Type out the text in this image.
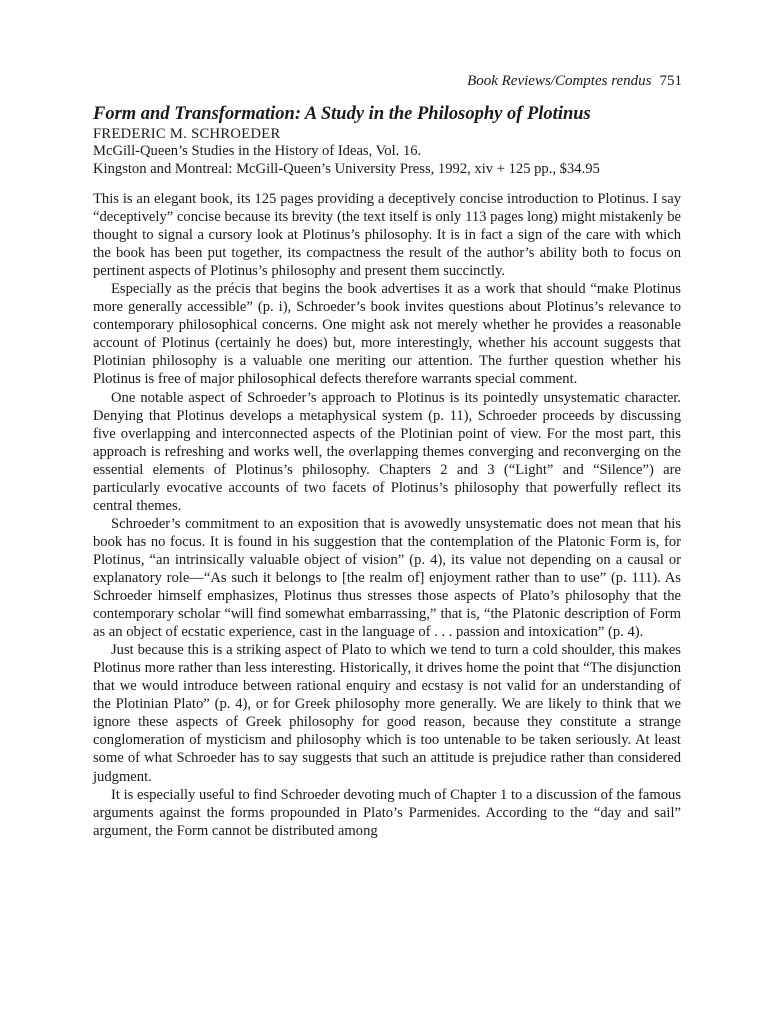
Book Reviews/Comptes rendus 751
Form and Transformation: A Study in the Philosophy of Plotinus
FREDERIC M. SCHROEDER
McGill-Queen’s Studies in the History of Ideas, Vol. 16.
Kingston and Montreal: McGill-Queen’s University Press, 1992, xiv + 125 pp., $34.95

This is an elegant book, its 125 pages providing a deceptively concise introduction to Plotinus. I say “deceptively” concise because its brevity (the text itself is only 113 pages long) might mistakenly be thought to signal a cursory look at Plotinus’s philosophy. It is in fact a sign of the care with which the book has been put together, its compactness the result of the author’s ability both to focus on pertinent aspects of Plotinus’s philosophy and present them succinctly.

Especially as the précis that begins the book advertises it as a work that should “make Plotinus more generally accessible” (p. i), Schroeder’s book invites questions about Plotinus’s relevance to contemporary philosophical concerns. One might ask not merely whether he provides a reasonable account of Plotinus (certainly he does) but, more interestingly, whether his account suggests that Plotinian philosophy is a valuable one meriting our attention. The further question whether his Plotinus is free of major philosophical defects therefore warrants special comment.

One notable aspect of Schroeder’s approach to Plotinus is its pointedly unsystematic character. Denying that Plotinus develops a metaphysical system (p. 11), Schroeder proceeds by discussing five overlapping and interconnected aspects of the Plotinian point of view. For the most part, this approach is refreshing and works well, the overlapping themes converging and reconverging on the essential elements of Plotinus’s philosophy. Chapters 2 and 3 (“Light” and “Silence”) are particularly evocative accounts of two facets of Plotinus’s philosophy that powerfully reflect its central themes.

Schroeder’s commitment to an exposition that is avowedly unsystematic does not mean that his book has no focus. It is found in his suggestion that the contemplation of the Platonic Form is, for Plotinus, “an intrinsically valuable object of vision” (p. 4), its value not depending on a causal or explanatory role—“As such it belongs to [the realm of] enjoyment rather than to use” (p. 111). As Schroeder himself emphasizes, Plotinus thus stresses those aspects of Plato’s philosophy that the contemporary scholar “will find somewhat embarrassing,” that is, “the Platonic description of Form as an object of ecstatic experience, cast in the language of . . . passion and intoxication” (p. 4).

Just because this is a striking aspect of Plato to which we tend to turn a cold shoulder, this makes Plotinus more rather than less interesting. Historically, it drives home the point that “The disjunction that we would introduce between rational enquiry and ecstasy is not valid for an understanding of the Plotinian Plato” (p. 4), or for Greek philosophy more generally. We are likely to think that we ignore these aspects of Greek philosophy for good reason, because they constitute a strange conglomeration of mysticism and philosophy which is too untenable to be taken seriously. At least some of what Schroeder has to say suggests that such an attitude is prejudice rather than considered judgment.

It is especially useful to find Schroeder devoting much of Chapter 1 to a discussion of the famous arguments against the forms propounded in Plato’s Parmenides. According to the “day and sail” argument, the Form cannot be distributed among
